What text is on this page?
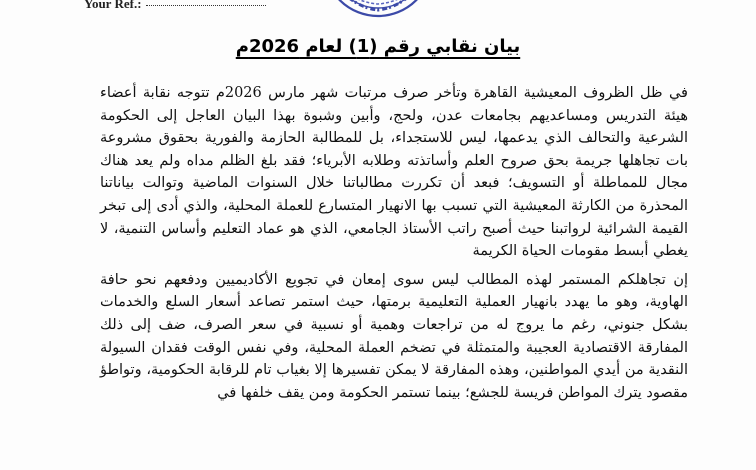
Your Ref.:
بيان نقابي رقم (1) لعام 2026م

في ظل الظروف المعيشية القاهرة وتأخر صرف مرتبات شهر مارس 2026م تتوجه نقابة أعضاء هيئة التدريس ومساعديهم بجامعات عدن، ولحج، وأبين وشبوة بهذا البيان العاجل إلى الحكومة الشرعية والتحالف الذي يدعمها، ليس للاستجداء، بل للمطالبة الحازمة والفورية بحقوق مشروعة بات تجاهلها جريمة بحق صروح العلم وأساتذته وطلابه الأبرياء؛ فقد بلغ الظلم مداه ولم يعد هناك مجال للمماطلة أو التسويف؛ فبعد أن تكررت مطالباتنا خلال السنوات الماضية وتوالت بياناتنا المحذرة من الكارثة المعيشية التي تسبب بها الانهيار المتسارع للعملة المحلية، والذي أدى إلى تبخر القيمة الشرائية لرواتبنا حيث أصبح راتب الأستاذ الجامعي، الذي هو عماد التعليم وأساس التنمية، لا يغطي أبسط مقومات الحياة الكريمة

إن تجاهلكم المستمر لهذه المطالب ليس سوى إمعان في تجويع الأكاديميين ودفعهم نحو حافة الهاوية، وهو ما يهدد بانهيار العملية التعليمية برمتها، حيث استمر تصاعد أسعار السلع والخدمات بشكل جنوني، رغم ما يروج له من تراجعات وهمية أو نسبية في سعر الصرف، ضف إلى ذلك المفارقة الاقتصادية العجيبة والمتمثلة في تضخم العملة المحلية، وفي نفس الوقت فقدان السيولة النقدية من أيدي المواطنين، وهذه المفارقة لا يمكن تفسيرها إلا بغياب تام للرقابة الحكومية، وتواطؤ مقصود يترك المواطن فريسة للجشع؛ بينما تستمر الحكومة ومن يقف خلفها في
